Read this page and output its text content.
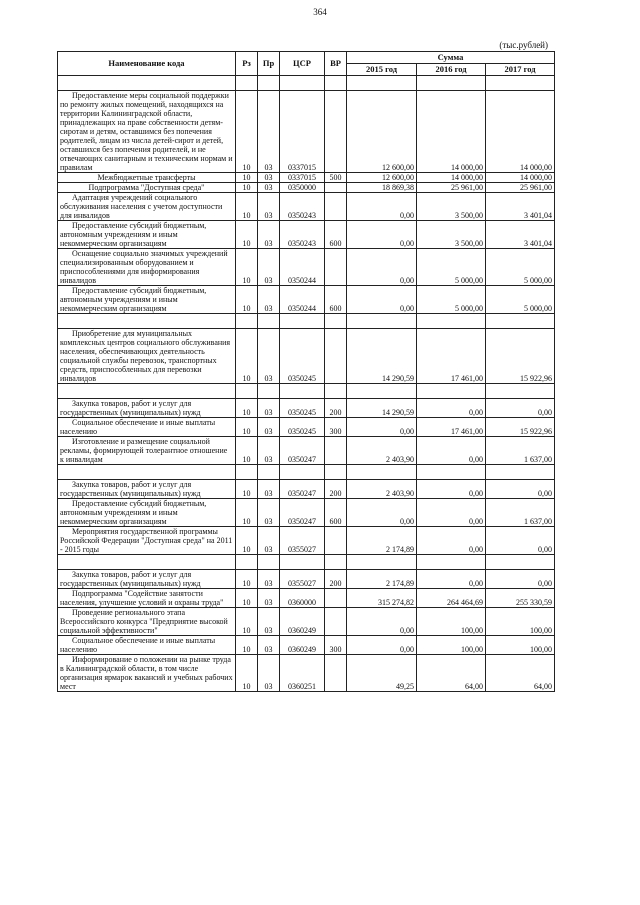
364
(тыс.рублей)
Наименование кода	Рз	Пр	ЦСР	ВР	Сумма		
					2015 год	2016 год	2017 год

Предоставление меры социальной поддержки по ремонту жилых помещений, находящихся на территории Калининградской области, принадлежащих на праве собственности детям-сиротам и детям, оставшимся без попечения родителей, лицам из числа детей-сирот и детей, оставшихся без попечения родителей, и не отвечающих санитарным и техническим нормам и правилам	10	03	0337015		12 600,00	14 000,00	14 000,00
Межбюджетные трансферты	10	03	0337015	500	12 600,00	14 000,00	14 000,00
Подпрограмма "Доступная среда"	10	03	0350000		18 869,38	25 961,00	25 961,00
Адаптация учреждений социального обслуживания населения с учетом доступности для инвалидов	10	03	0350243		0,00	3 500,00	3 401,04
Предоставление субсидий бюджетным, автономным учреждениям и иным некоммерческим организациям	10	03	0350243	600	0,00	3 500,00	3 401,04
Оснащение социально значимых учреждений специализированным оборудованием и приспособлениями для информирования инвалидов	10	03	0350244		0,00	5 000,00	5 000,00
Предоставление субсидий бюджетным, автономным учреждениям и иным некоммерческим организациям	10	03	0350244	600	0,00	5 000,00	5 000,00

Приобретение для муниципальных комплексных центров социального обслуживания населения, обеспечивающих деятельность социальной службы перевозок, транспортных средств, приспособленных для перевозки инвалидов	10	03	0350245		14 290,59	17 461,00	15 922,96

Закупка товаров, работ и услуг для государственных (муниципальных) нужд	10	03	0350245	200	14 290,59	0,00	0,00
Социальное обеспечение и иные выплаты населению	10	03	0350245	300	0,00	17 461,00	15 922,96
Изготовление и размещение социальной рекламы, формирующей толерантное отношение к инвалидам	10	03	0350247		2 403,90	0,00	1 637,00

Закупка товаров, работ и услуг для государственных (муниципальных) нужд	10	03	0350247	200	2 403,90	0,00	0,00
Предоставление субсидий бюджетным, автономным учреждениям и иным некоммерческим организациям	10	03	0350247	600	0,00	0,00	1 637,00
Мероприятия государственной программы Российской Федерации "Доступная среда" на 2011 - 2015 годы	10	03	0355027		2 174,89	0,00	0,00

Закупка товаров, работ и услуг для государственных (муниципальных) нужд	10	03	0355027	200	2 174,89	0,00	0,00
Подпрограмма "Содействие занятости населения, улучшение условий и охраны труда"	10	03	0360000		315 274,82	264 464,69	255 330,59
Проведение регионального этапа Всероссийского конкурса "Предприятие высокой социальной эффективности"	10	03	0360249		0,00	100,00	100,00
Социальное обеспечение и иные выплаты населению	10	03	0360249	300	0,00	100,00	100,00
Информирование о положении на рынке труда в Калининградской области, в том числе организация ярмарок вакансий и учебных рабочих мест	10	03	0360251		49,25	64,00	64,00
